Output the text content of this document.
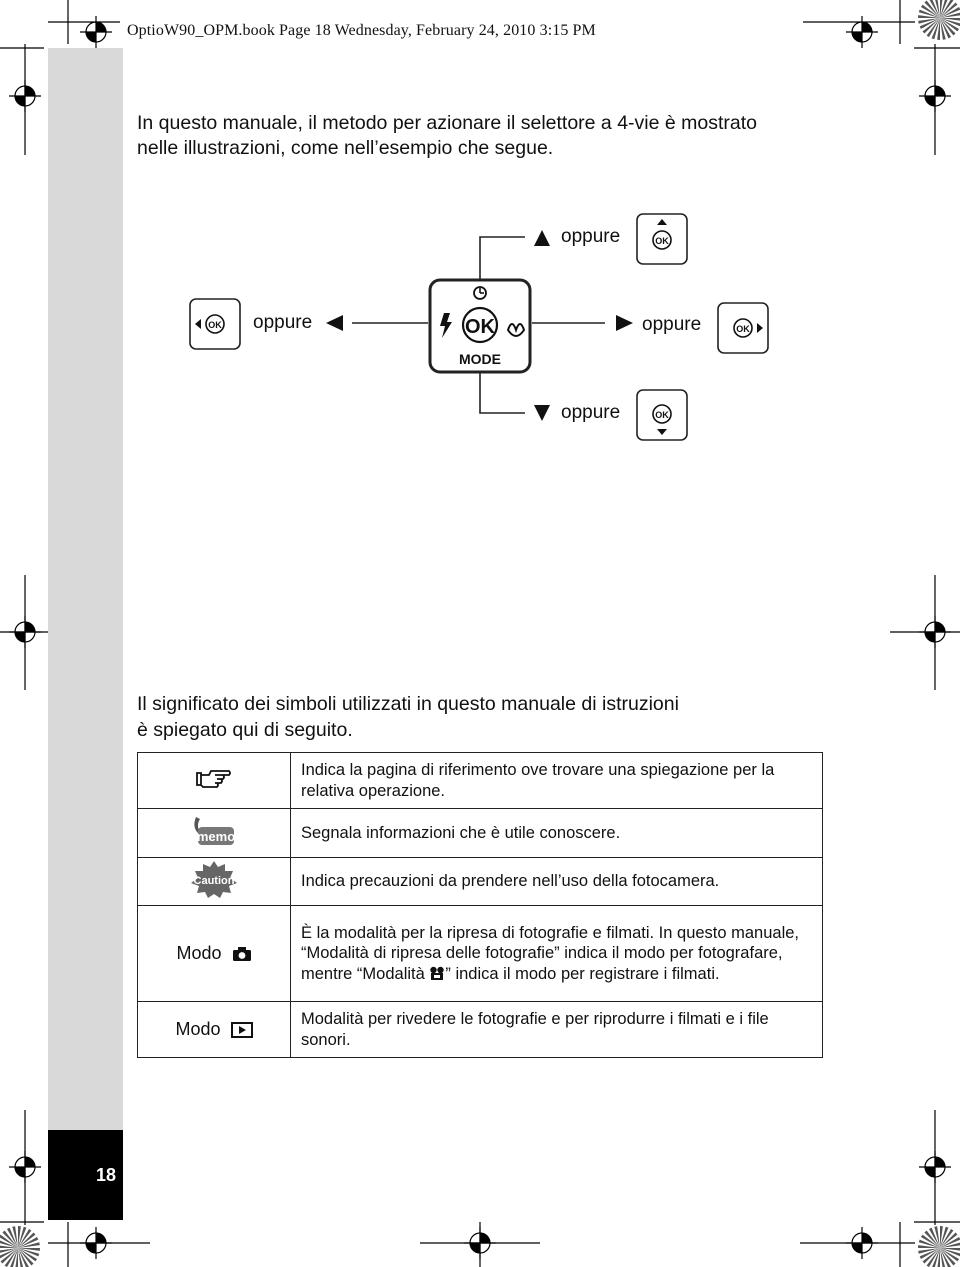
18
OptioW90_OPM.book Page 18 Wednesday, February 24, 2010 3:15 PM
In questo manuale, il metodo per azionare il selettore a 4-vie è mostrato
nelle illustrazioni, come nell’esempio che segue.
OK
MODE
OK
OK
OK	OK
oppure
oppure	oppure
oppure
Il significato dei simboli utilizzati in questo manuale di istruzioni
è spiegato qui di seguito.
	Indica la pagina di riferimento ove trovare una spiegazione per la relativa operazione.

memo	Segnala informazioni che è utile conoscere.

Caution	Indica precauzioni da prendere nell’uso della fotocamera.

Modo	È la modalità per la ripresa di fotografie e filmati. In questo manuale, “Modalità di ripresa delle fotografie” indica il modo per fotografare, mentre “Modalità ” indica il modo per registrare i filmati.

Modo	Modalità per rivedere le fotografie e per riprodurre i filmati e i file sonori.
